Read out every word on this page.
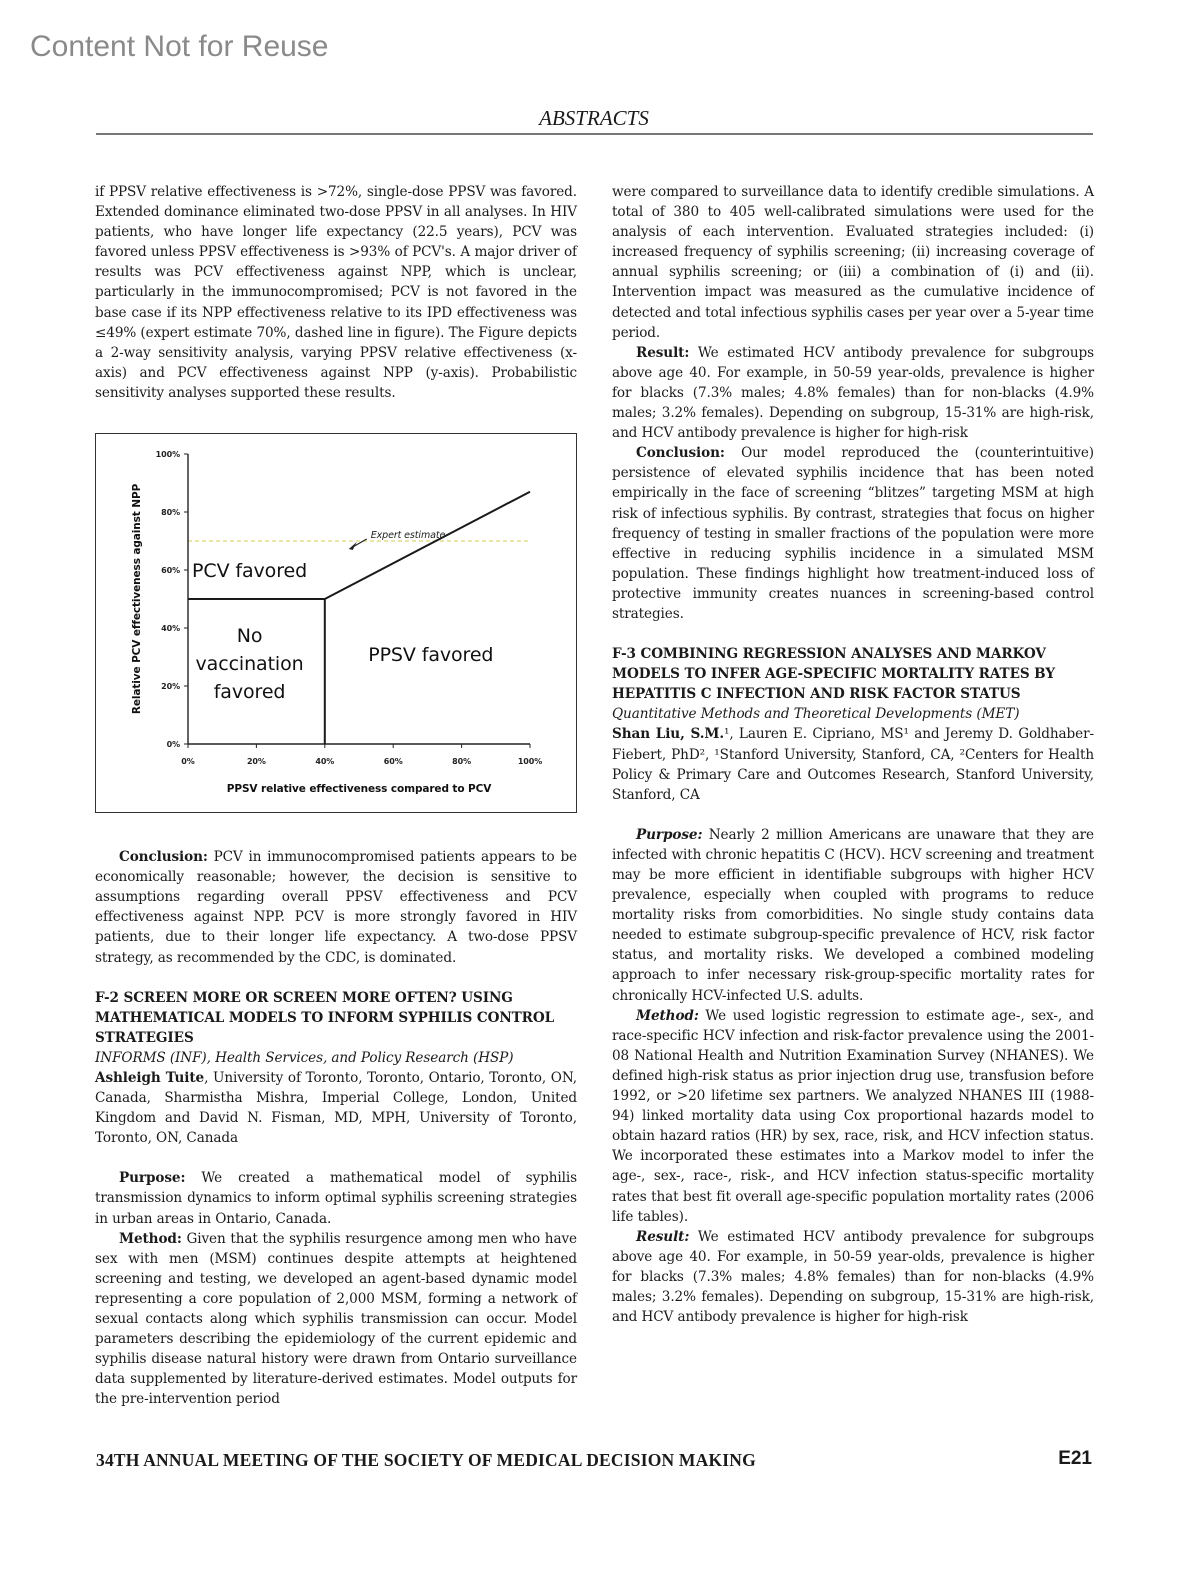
Content Not for Reuse
ABSTRACTS

if PPSV relative effectiveness is >72%, single-dose PPSV was favored. Extended dominance eliminated two-dose PPSV in all analyses. In HIV patients, who have longer life expectancy (22.5 years), PCV was favored unless PPSV effectiveness is >93% of PCV's. A major driver of results was PCV effectiveness against NPP, which is unclear, particularly in the immunocompromised; PCV is not favored in the base case if its NPP effectiveness relative to its IPD effectiveness was ≤49% (expert estimate 70%, dashed line in figure). The Figure depicts a 2-way sensitivity analysis, varying PPSV relative effectiveness (x-axis) and PCV effectiveness against NPP (y-axis). Probabilistic sensitivity analyses supported these results.

0%
20%
40%
60%
80%
100%
0%	20%	40%	60%	80%	100%
PCV favored
No
vaccination
favored
PPSV favored
Expert estimate
PPSV relative effectiveness compared to PCV
Relative PCV effectiveness against NPP

Conclusion: PCV in immunocompromised patients appears to be economically reasonable; however, the decision is sensitive to assumptions regarding overall PPSV effectiveness and PCV effectiveness against NPP. PCV is more strongly favored in HIV patients, due to their longer life expectancy. A two-dose PPSV strategy, as recommended by the CDC, is dominated.

F-2 SCREEN MORE OR SCREEN MORE OFTEN? USING MATHEMATICAL MODELS TO INFORM SYPHILIS CONTROL STRATEGIES

INFORMS (INF), Health Services, and Policy Research (HSP)

Ashleigh Tuite, University of Toronto, Toronto, Ontario, Toronto, ON, Canada, Sharmistha Mishra, Imperial College, London, United Kingdom and David N. Fisman, MD, MPH, University of Toronto, Toronto, ON, Canada

Purpose: We created a mathematical model of syphilis transmission dynamics to inform optimal syphilis screening strategies in urban areas in Ontario, Canada.

Method: Given that the syphilis resurgence among men who have sex with men (MSM) continues despite attempts at heightened screening and testing, we developed an agent-based dynamic model representing a core population of 2,000 MSM, forming a network of sexual contacts along which syphilis transmission can occur. Model parameters describing the epidemiology of the current epidemic and syphilis disease natural history were drawn from Ontario surveillance data supplemented by literature-derived estimates. Model outputs for the pre-intervention period

were compared to surveillance data to identify credible simulations. A total of 380 to 405 well-calibrated simulations were used for the analysis of each intervention. Evaluated strategies included: (i) increased frequency of syphilis screening; (ii) increasing coverage of annual syphilis screening; or (iii) a combination of (i) and (ii). Intervention impact was measured as the cumulative incidence of detected and total infectious syphilis cases per year over a 5-year time period.

Result: We estimated HCV antibody prevalence for subgroups above age 40. For example, in 50-59 year-olds, prevalence is higher for blacks (7.3% males; 4.8% females) than for non-blacks (4.9% males; 3.2% females). Depending on subgroup, 15-31% are high-risk, and HCV antibody prevalence is higher for high-risk

Conclusion: Our model reproduced the (counterintuitive) persistence of elevated syphilis incidence that has been noted empirically in the face of screening “blitzes” targeting MSM at high risk of infectious syphilis. By contrast, strategies that focus on higher frequency of testing in smaller fractions of the population were more effective in reducing syphilis incidence in a simulated MSM population. These findings highlight how treatment-induced loss of protective immunity creates nuances in screening-based control strategies.

F-3 COMBINING REGRESSION ANALYSES AND MARKOV MODELS TO INFER AGE-SPECIFIC MORTALITY RATES BY HEPATITIS C INFECTION AND RISK FACTOR STATUS

Quantitative Methods and Theoretical Developments (MET)

Shan Liu, S.M.¹, Lauren E. Cipriano, MS¹ and Jeremy D. Goldhaber-Fiebert, PhD², ¹Stanford University, Stanford, CA, ²Centers for Health Policy & Primary Care and Outcomes Research, Stanford University, Stanford, CA

Purpose: Nearly 2 million Americans are unaware that they are infected with chronic hepatitis C (HCV). HCV screening and treatment may be more efficient in identifiable subgroups with higher HCV prevalence, especially when coupled with programs to reduce mortality risks from comorbidities. No single study contains data needed to estimate subgroup-specific prevalence of HCV, risk factor status, and mortality risks. We developed a combined modeling approach to infer necessary risk-group-specific mortality rates for chronically HCV-infected U.S. adults.

Method: We used logistic regression to estimate age-, sex-, and race-specific HCV infection and risk-factor prevalence using the 2001-08 National Health and Nutrition Examination Survey (NHANES). We defined high-risk status as prior injection drug use, transfusion before 1992, or >20 lifetime sex partners. We analyzed NHANES III (1988-94) linked mortality data using Cox proportional hazards model to obtain hazard ratios (HR) by sex, race, risk, and HCV infection status. We incorporated these estimates into a Markov model to infer the age-, sex-, race-, risk-, and HCV infection status-specific mortality rates that best fit overall age-specific population mortality rates (2006 life tables).

Result: We estimated HCV antibody prevalence for subgroups above age 40. For example, in 50-59 year-olds, prevalence is higher for blacks (7.3% males; 4.8% females) than for non-blacks (4.9% males; 3.2% females). Depending on subgroup, 15-31% are high-risk, and HCV antibody prevalence is higher for high-risk

34TH ANNUAL MEETING OF THE SOCIETY OF MEDICAL DECISION MAKING	E21
